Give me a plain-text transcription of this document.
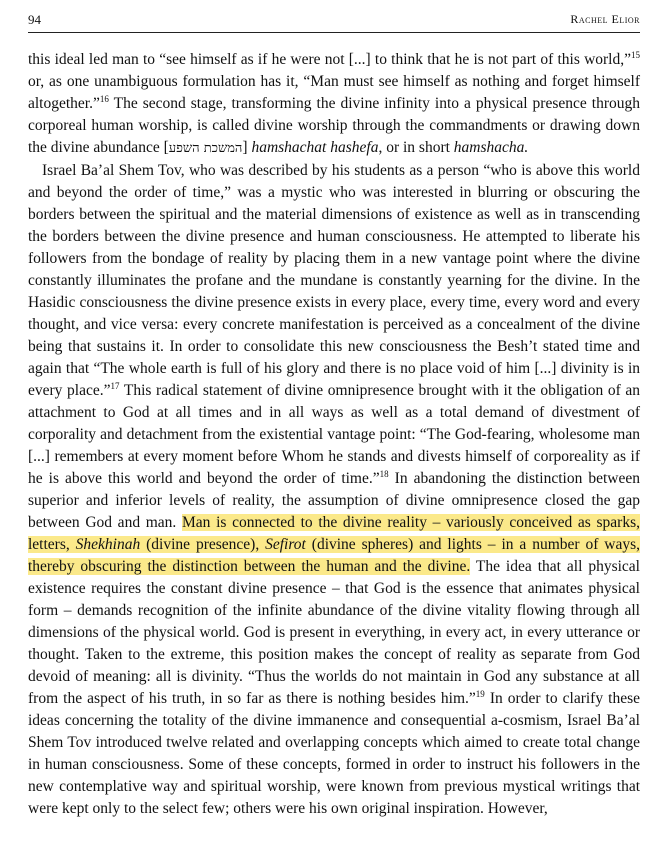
94	Rachel Elior

this ideal led man to “see himself as if he were not [...] to think that he is not part of this world,”$^{15}$ or, as one unambiguous formulation has it, “Man must see himself as nothing and forget himself altogether.”$^{16}$ The second stage, transforming the divine infinity into a physical presence through corporeal human worship, is called divine worship through the commandments or drawing down the divine abundance [המשכת השפע] hamshachat hashefa, or in short hamshacha.

Israel Ba’al Shem Tov, who was described by his students as a person “who is above this world and beyond the order of time,” was a mystic who was interested in blurring or obscuring the borders between the spiritual and the material dimensions of existence as well as in transcending the borders between the divine presence and human consciousness. He attempted to liberate his followers from the bondage of reality by placing them in a new vantage point where the divine constantly illuminates the profane and the mundane is constantly yearning for the divine. In the Hasidic consciousness the divine presence exists in every place, every time, every word and every thought, and vice versa: every concrete manifestation is perceived as a concealment of the divine being that sustains it. In order to consolidate this new consciousness the Besh’t stated time and again that “The whole earth is full of his glory and there is no place void of him [...] divinity is in every place.”$^{17}$ This radical statement of divine omnipresence brought with it the obligation of an attachment to God at all times and in all ways as well as a total demand of divestment of corporality and detachment from the existential vantage point: “The God-fearing, wholesome man [...] remembers at every moment before Whom he stands and divests himself of corporeality as if he is above this world and beyond the order of time.”$^{18}$ In abandoning the distinction between superior and inferior levels of reality, the assumption of divine omnipresence closed the gap between God and man. Man is connected to the divine reality – variously conceived as sparks, letters, Shekhinah (divine presence), Sefirot (divine spheres) and lights – in a number of ways, thereby obscuring the distinction between the human and the divine. The idea that all physical existence requires the constant divine presence – that God is the essence that animates physical form – demands recognition of the infinite abundance of the divine vitality flowing through all dimensions of the physical world. God is present in everything, in every act, in every utterance or thought. Taken to the extreme, this position makes the concept of reality as separate from God devoid of meaning: all is divinity. “Thus the worlds do not maintain in God any substance at all from the aspect of his truth, in so far as there is nothing besides him.”$^{19}$ In order to clarify these ideas concerning the totality of the divine immanence and consequential a-cosmism, Israel Ba’al Shem Tov introduced twelve related and overlapping concepts which aimed to create total change in human consciousness. Some of these concepts, formed in order to instruct his followers in the new contemplative way and spiritual worship, were known from previous mystical writings that were kept only to the select few; others were his own original inspiration. However,
